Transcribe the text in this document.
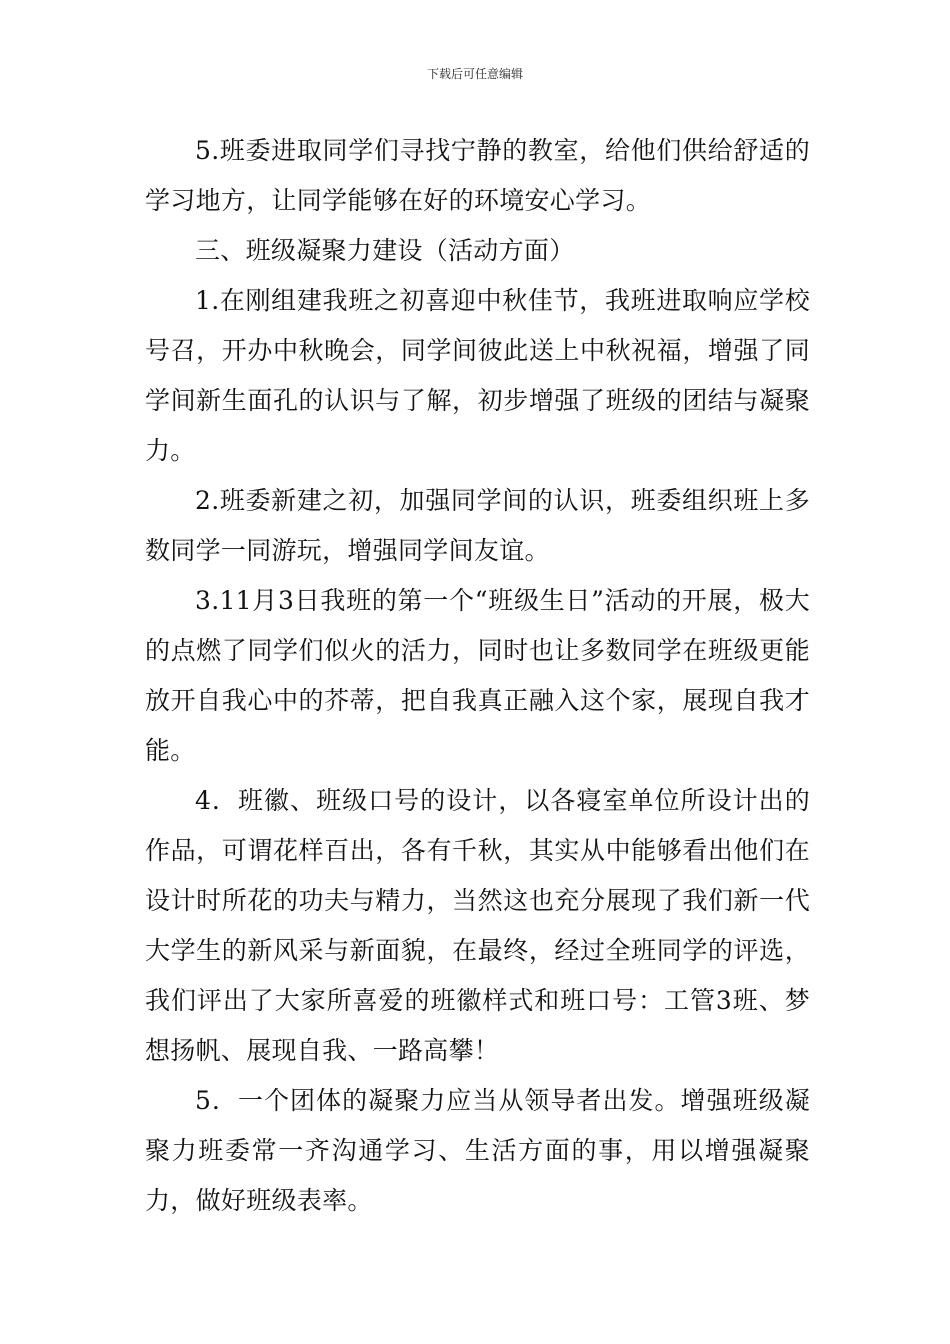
下载后可任意编辑

5.班委进取同学们寻找宁静的教室，给他们供给舒适的学习地方，让同学能够在好的环境安心学习。

三、班级凝聚力建设（活动方面）

1.在刚组建我班之初喜迎中秋佳节，我班进取响应学校号召，开办中秋晚会，同学间彼此送上中秋祝福，增强了同学间新生面孔的认识与了解，初步增强了班级的团结与凝聚力。

2.班委新建之初，加强同学间的认识，班委组织班上多数同学一同游玩，增强同学间友谊。

3.11月3日我班的第一个“班级生日”活动的开展，极大的点燃了同学们似火的活力，同时也让多数同学在班级更能放开自我心中的芥蒂，把自我真正融入这个家，展现自我才能。

4．班徽、班级口号的设计，以各寝室单位所设计出的作品，可谓花样百出，各有千秋，其实从中能够看出他们在设计时所花的功夫与精力，当然这也充分展现了我们新一代大学生的新风采与新面貌，在最终，经过全班同学的评选，我们评出了大家所喜爱的班徽样式和班口号：工管3班、梦想扬帆、展现自我、一路高攀！

5．一个团体的凝聚力应当从领导者出发。增强班级凝聚力班委常一齐沟通学习、生活方面的事，用以增强凝聚力，做好班级表率。
